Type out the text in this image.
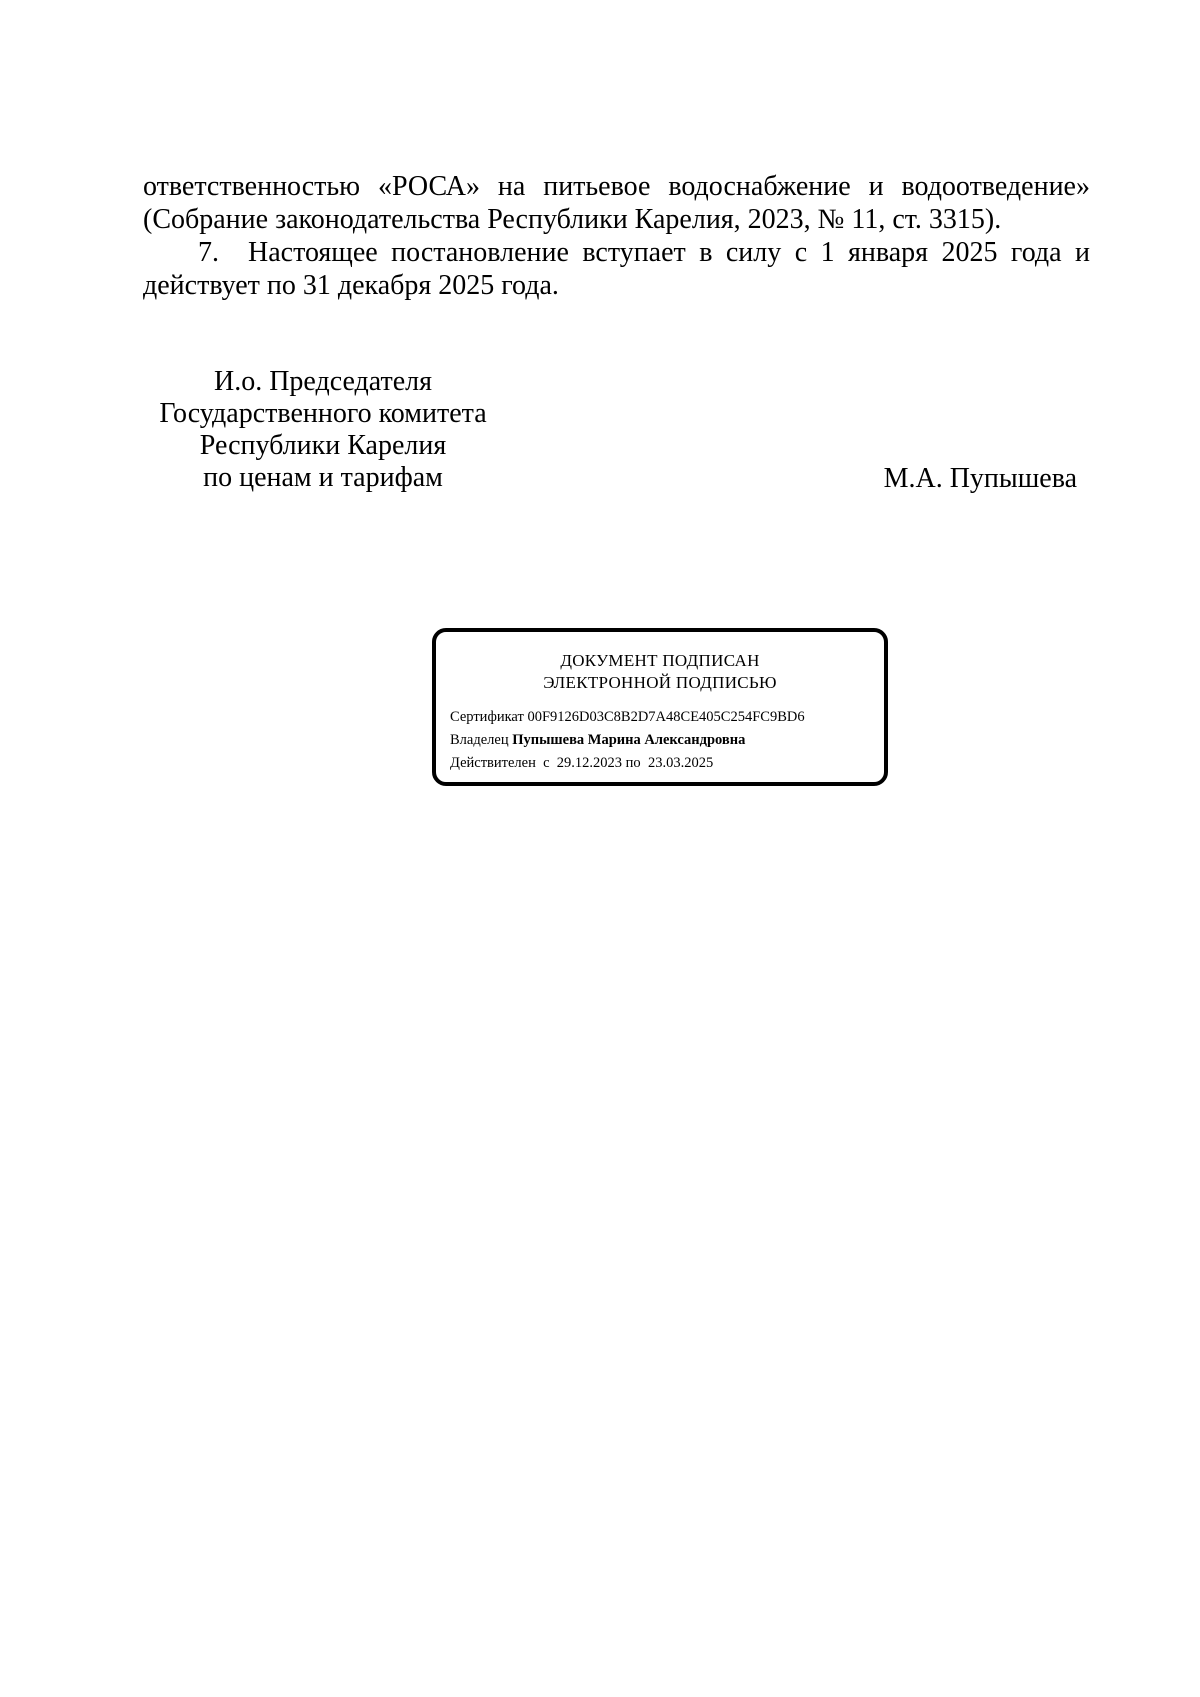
ответственностью «РОСА» на питьевое водоснабжение и водоотведение» (Собрание законодательства Республики Карелия, 2023, № 11, ст. 3315).

7. Настоящее постановление вступает в силу с 1 января 2025 года и действует по 31 декабря 2025 года.

И.о. Председателя
Государственного комитета
Республики Карелия
по ценам и тарифам	М.А. Пупышева
ДОКУМЕНТ ПОДПИСАН
ЭЛЕКТРОННОЙ ПОДПИСЬЮ
Сертификат 00F9126D03C8B2D7A48CE405C254FC9BD6
Владелец Пупышева Марина Александровна
Действителен с 29.12.2023 по 23.03.2025
